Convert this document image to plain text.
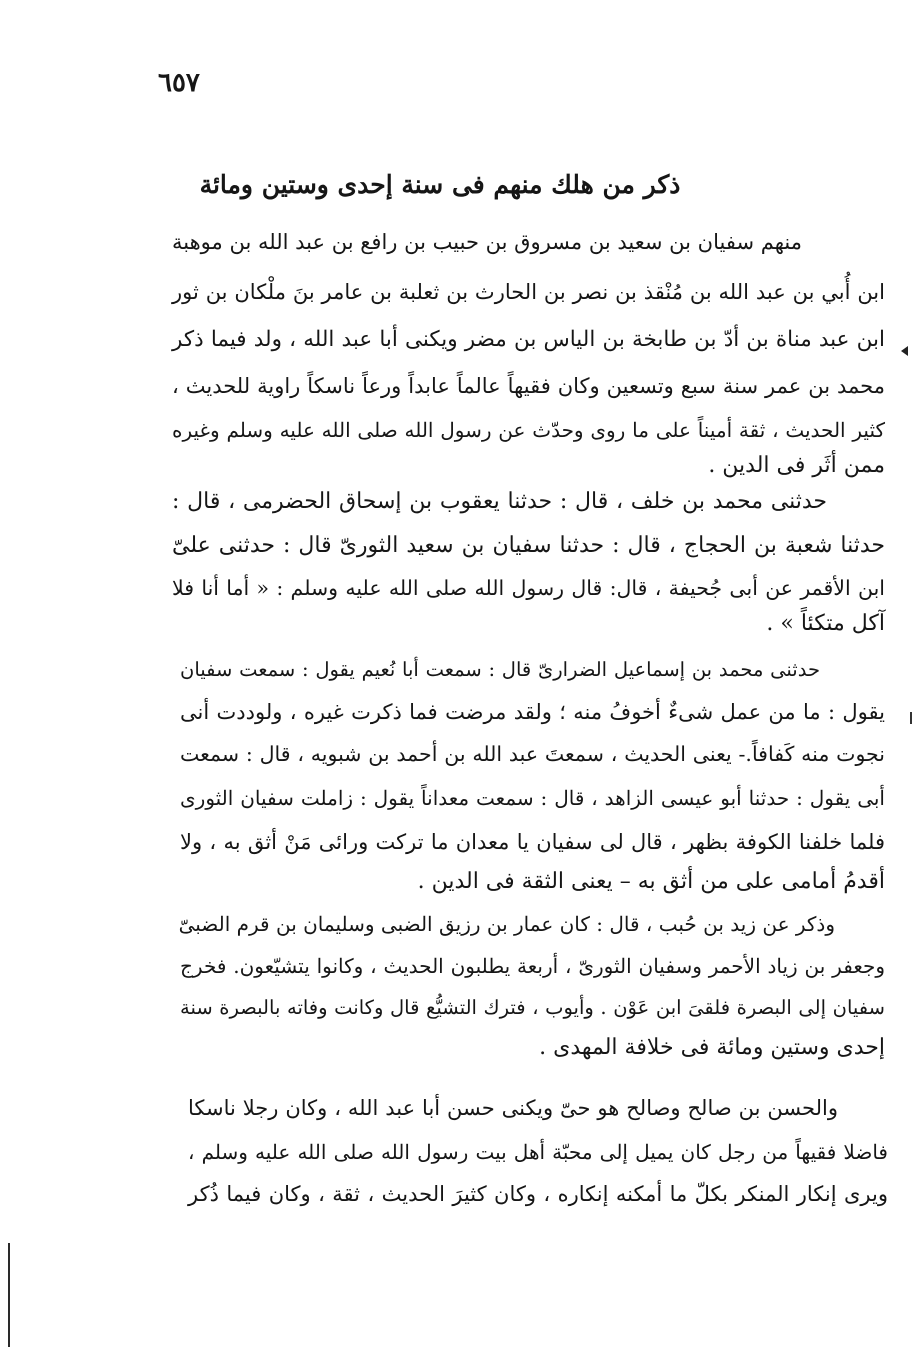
٦٥٧
ذكر من هلك منهم فى سنة إحدى وستين ومائة
منهم سفيان بن سعيد بن مسروق بن حبيب بن رافع بن عبد الله بن موهبة
ابن أُبي بن عبد الله بن مُنْقذ بن نصر بن الحارث بن ثعلبة بن عامر بنَ ملْكان بن ثور
ابن عبد مناة بن أدّ بن طابخة بن الياس بن مضر ويكنى أبا عبد الله ، ولد فيما ذكر
محمد بن عمر سنة سبع وتسعين وكان فقيهاً عالماً عابداً ورعاً ناسكاً راوية للحديث ،
كثير الحديث ، ثقة أميناً على ما روى وحدّث عن رسول الله صلى الله عليه وسلم وغيره
ممن أثَر فى الدين .
حدثنى محمد بن خلف ، قال : حدثنا يعقوب بن إسحاق الحضرمى ، قال :
حدثنا شعبة بن الحجاج ، قال : حدثنا سفيان بن سعيد الثورىّ قال : حدثنى علىّ
ابن الأقمر عن أبى جُحيفة ، قال: قال رسول الله صلى الله عليه وسلم : « أما أنا فلا
آكل متكئاً » .
حدثنى محمد بن إسماعيل الضرارىّ قال : سمعت أبا نُعيم يقول : سمعت سفيان
يقول : ما من عمل شىءٌ أخوفُ منه ؛ ولقد مرضت فما ذكرت غيره ، ولوددت أنى
نجوت منه كَفافاً.- يعنى الحديث ، سمعتَ عبد الله بن أحمد بن شبويه ، قال : سمعت
أبى يقول : حدثنا أبو عيسى الزاهد ، قال : سمعت معداناً يقول : زاملت سفيان الثورى
فلما خلفنا الكوفة بظهر ، قال لى سفيان يا معدان ما تركت ورائى مَنْ أثق به ، ولا
أقدمُ أمامى على من أثق به – يعنى الثقة فى الدين .
وذكر عن زيد بن حُبب ، قال : كان عمار بن رزيق الضبى وسليمان بن قرم الضبىّ
وجعفر بن زياد الأحمر وسفيان الثورىّ ، أربعة يطلبون الحديث ، وكانوا يتشيّعون. فخرج
سفيان إلى البصرة فلقىَ ابن عَوْن . وأيوب ، فترك التشيُّع قال وكانت وفاته بالبصرة سنة
إحدى وستين ومائة فى خلافة المهدى .
والحسن بن صالح وصالح هو حىّ ويكنى حسن أبا عبد الله ، وكان رجلا ناسكا
فاضلا فقيهاً من رجل كان يميل إلى محبّة أهل بيت رسول الله صلى الله عليه وسلم ،
ويرى إنكار المنكر بكلّ ما أمكنه إنكاره ، وكان كثيرَ الحديث ، ثقة ، وكان فيما ذُكر
